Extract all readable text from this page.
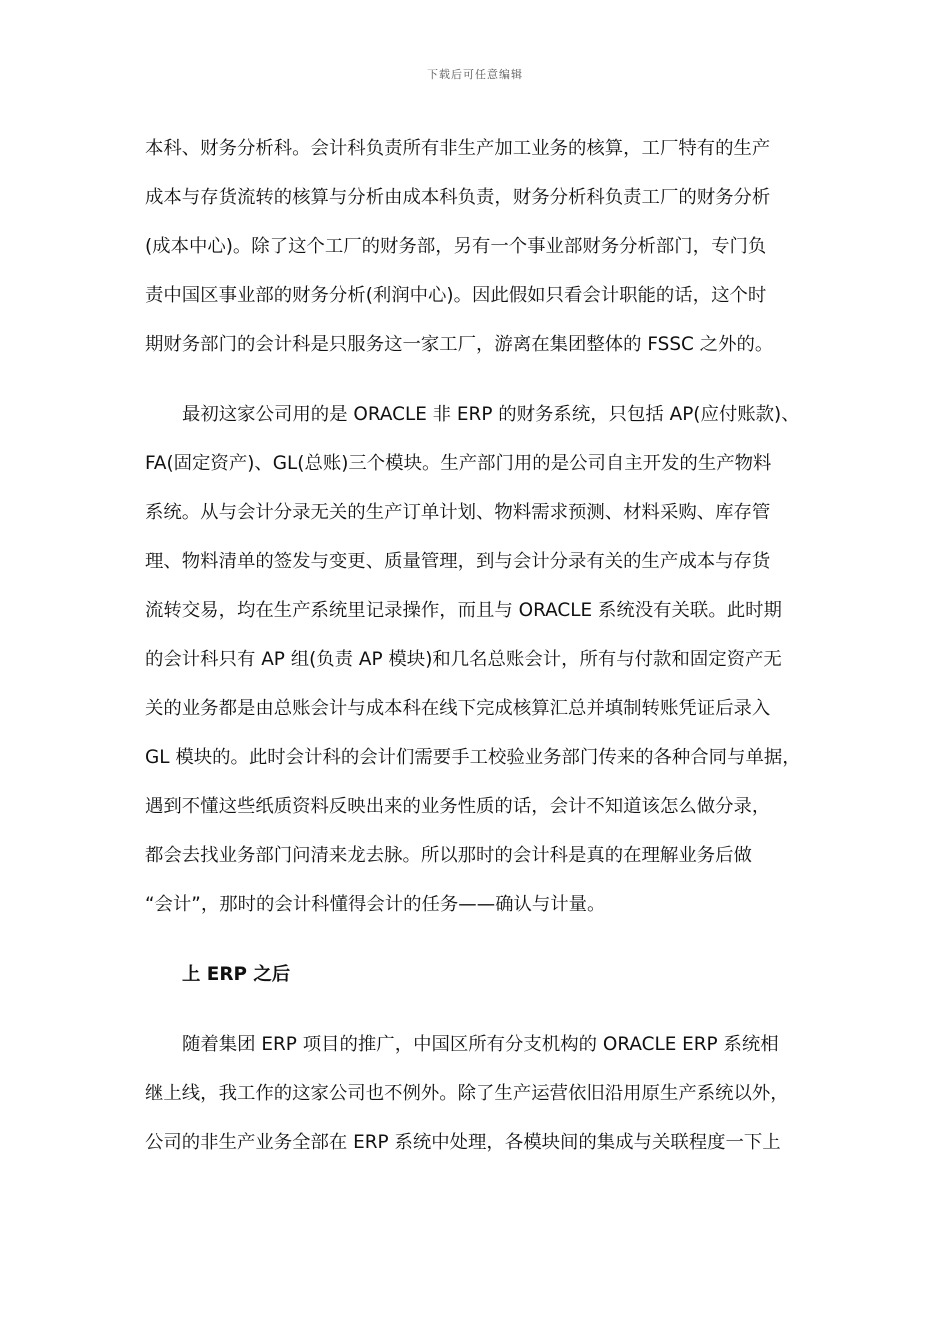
下载后可任意编辑
本科、财务分析科。会计科负责所有非生产加工业务的核算，工厂特有的生产
成本与存货流转的核算与分析由成本科负责，财务分析科负责工厂的财务分析
(成本中心)。除了这个工厂的财务部，另有一个事业部财务分析部门，专门负
责中国区事业部的财务分析(利润中心)。因此假如只看会计职能的话，这个时
期财务部门的会计科是只服务这一家工厂，游离在集团整体的 FSSC 之外的。
最初这家公司用的是 ORACLE 非 ERP 的财务系统，只包括 AP(应付账款)、
FA(固定资产)、GL(总账)三个模块。生产部门用的是公司自主开发的生产物料
系统。从与会计分录无关的生产订单计划、物料需求预测、材料采购、库存管
理、物料清单的签发与变更、质量管理，到与会计分录有关的生产成本与存货
流转交易，均在生产系统里记录操作，而且与 ORACLE 系统没有关联。此时期
的会计科只有 AP 组(负责 AP 模块)和几名总账会计，所有与付款和固定资产无
关的业务都是由总账会计与成本科在线下完成核算汇总并填制转账凭证后录入
GL 模块的。此时会计科的会计们需要手工校验业务部门传来的各种合同与单据，
遇到不懂这些纸质资料反映出来的业务性质的话，会计不知道该怎么做分录，
都会去找业务部门问清来龙去脉。所以那时的会计科是真的在理解业务后做
“会计”，那时的会计科懂得会计的任务——确认与计量。
上 ERP 之后
随着集团 ERP 项目的推广，中国区所有分支机构的 ORACLE ERP 系统相
继上线，我工作的这家公司也不例外。除了生产运营依旧沿用原生产系统以外，
公司的非生产业务全部在 ERP 系统中处理，各模块间的集成与关联程度一下上
